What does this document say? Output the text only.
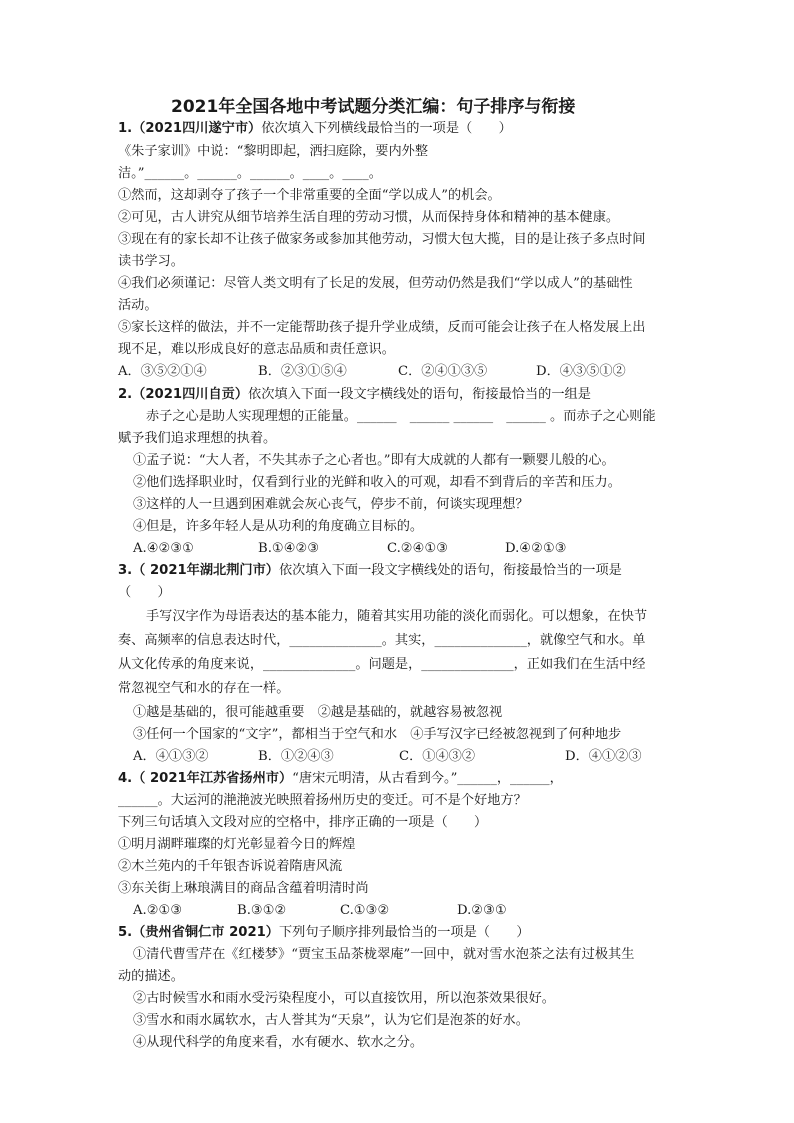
2021年全国各地中考试题分类汇编：句子排序与衔接
1.（2021四川遂宁市）依次填入下列横线最恰当的一项是（　　）
《朱子家训》中说：“黎明即起，洒扫庭除，要内外整
洁。”______。______。______。____。____。
①然而，这却剥夺了孩子一个非常重要的全面“学以成人”的机会。
②可见，古人讲究从细节培养生活自理的劳动习惯，从而保持身体和精神的基本健康。
③现在有的家长却不让孩子做家务或参加其他劳动，习惯大包大揽，目的是让孩子多点时间
读书学习。
④我们必须谨记：尽管人类文明有了长足的发展，但劳动仍然是我们“学以成人”的基础性
活动。
⑤家长这样的做法，并不一定能帮助孩子提升学业成绩，反而可能会让孩子在人格发展上出
现不足，难以形成良好的意志品质和责任意识。
A．③⑤②①④	B．②③①⑤④	C．②④①③⑤	D．④③⑤①②
2.（2021四川自贡）依次填入下面一段文字横线处的语句，衔接最恰当的一组是
赤子之心是助人实现理想的正能量。______　______ ______　______ 。而赤子之心则能
赋予我们追求理想的执着。
①孟子说：“大人者，不失其赤子之心者也。”即有大成就的人都有一颗婴儿般的心。
②他们选择职业时，仅看到行业的光鲜和收入的可观，却看不到背后的辛苦和压力。
③这样的人一旦遇到困难就会灰心丧气，停步不前，何谈实现理想？
④但是，许多年轻人是从功利的角度确立目标的。
A.④②③①	B.①④②③	C.②④①③	D.④②①③
3.（ 2021年湖北荆门市）依次填入下面一段文字横线处的语句，衔接最恰当的一项是
（　　）
手写汉字作为母语表达的基本能力，随着其实用功能的淡化而弱化。可以想象，在快节
奏、高频率的信息表达时代，______________。其实，______________，就像空气和水。单
从文化传承的角度来说，______________。问题是，______________，正如我们在生活中经
常忽视空气和水的存在一样。
①越是基础的，很可能越重要　②越是基础的，就越容易被忽视
③任何一个国家的“文字”，都相当于空气和水　④手写汉字已经被忽视到了何种地步
A．④①③②	B．①②④③	C．①④③②	D．④①②③
4.（ 2021年江苏省扬州市）“唐宋元明清，从古看到今。”______，______，
______。大运河的滟滟波光映照着扬州历史的变迁。可不是个好地方？
下列三句话填入文段对应的空格中，排序正确的一项是（　　）
①明月湖畔璀璨的灯光彰显着今日的辉煌
②木兰苑内的千年银杏诉说着隋唐风流
③东关街上琳琅满目的商品含蕴着明清时尚
A.②①③	B.③①②	C.①③②	D.②③①
5.（贵州省铜仁市 2021）下列句子顺序排列最恰当的一项是（　　）
①清代曹雪芹在《红楼梦》“贾宝玉品茶栊翠庵”一回中，就对雪水泡茶之法有过极其生
动的描述。
②古时候雪水和雨水受污染程度小，可以直接饮用，所以泡茶效果很好。
③雪水和雨水属软水，古人誉其为“天泉”，认为它们是泡茶的好水。
④从现代科学的角度来看，水有硬水、软水之分。
